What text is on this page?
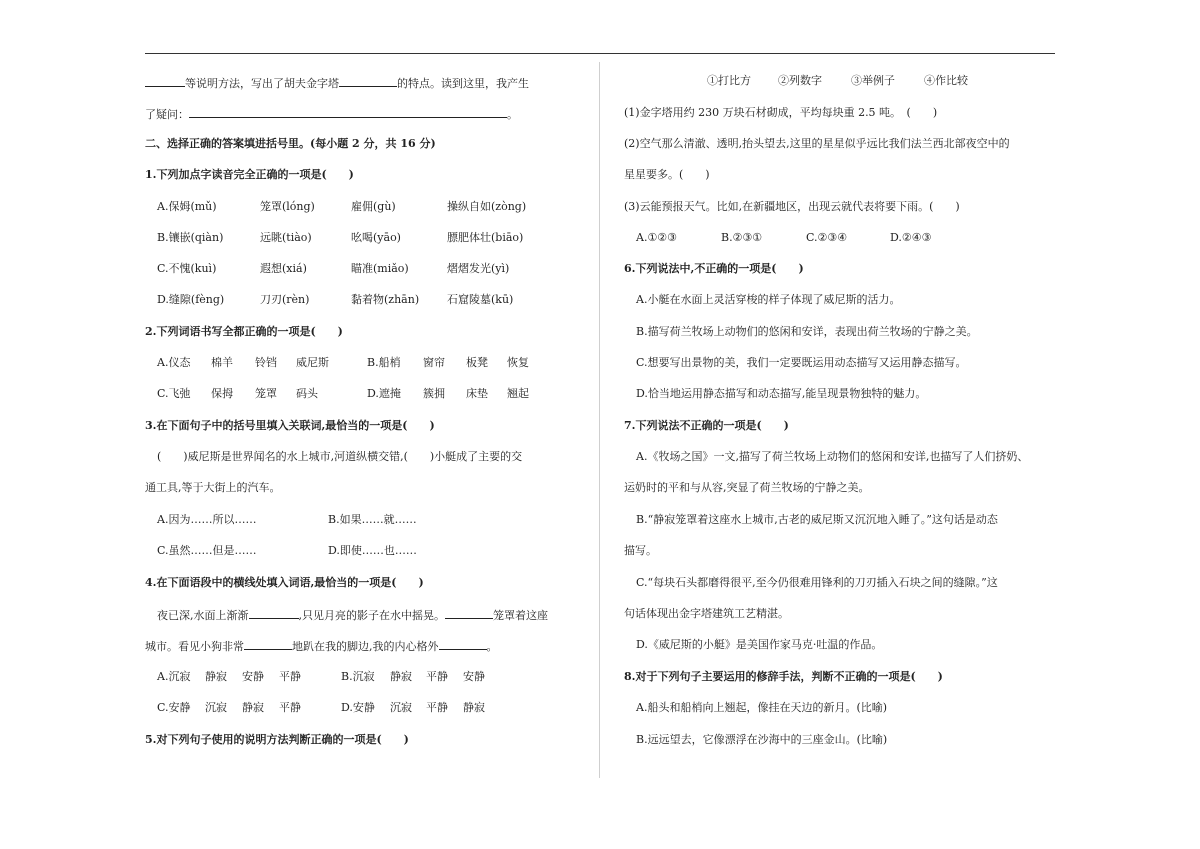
等说明方法，写出了胡夫金字塔	的特点。读到这里，我产生
了疑问：	。
二、选择正确的答案填进括号里。(每小题 2 分，共 16 分)
1.下列加点字读音完全正确的一项是(　　)
A.保姆(mǔ)	笼罩(lóng)	雇佣(gù)	操纵自如(zòng)
B.镶嵌(qiàn)	远眺(tiào)	吆喝(yāo)	膘肥体壮(biāo)
C.不愧(kuì)	遐想(xiá)	瞄准(miǎo)	熠熠发光(yì)
D.缝隙(fèng)	刀刃(rèn)	黏着物(zhān)	石窟陵墓(kū)
2.下列词语书写全都正确的一项是(　　)
A.仪态 棉羊 铃铛 威尼斯	B.船梢 窗帘 板凳 恢复
C.飞弛 保拇 笼罩 码头	D.遮掩 簇拥 床垫 翘起
3.在下面句子中的括号里填入关联词,最恰当的一项是(　　)
(　　)威尼斯是世界闻名的水上城市,河道纵横交错,(　　)小艇成了主要的交
通工具,等于大街上的汽车。
A.因为……所以……	B.如果……就……
C.虽然……但是……	D.即使……也……
4.在下面语段中的横线处填入词语,最恰当的一项是(　　)
夜已深,水面上渐渐	,只见月亮的影子在水中摇晃。	笼罩着这座
城市。看见小狗非常	地趴在我的脚边,我的内心格外	。
A.沉寂 静寂 安静 平静	B.沉寂 静寂 平静 安静
C.安静 沉寂 静寂 平静	D.安静 沉寂 平静 静寂
5.对下列句子使用的说明方法判断正确的一项是(　　)
①打比方 ②列数字	③举例子	④作比较
(1)金字塔用约 230 万块石材砌成，平均每块重 2.5 吨。　(　　)
(2)空气那么清澈、透明,抬头望去,这里的星星似乎远比我们法兰西北部夜空中的
星星要多。(　　)
(3)云能预报天气。比如,在新疆地区，出现云就代表将要下雨。(　　)
A.①②③	B.②③①	C.②③④	D.②④③
6.下列说法中,不正确的一项是(　　)
A.小艇在水面上灵活穿梭的样子体现了威尼斯的活力。
B.描写荷兰牧场上动物们的悠闲和安详，表现出荷兰牧场的宁静之美。
C.想要写出景物的美，我们一定要既运用动态描写又运用静态描写。
D.恰当地运用静态描写和动态描写,能呈现景物独特的魅力。
7.下列说法不正确的一项是(　　)
A.《牧场之国》一文,描写了荷兰牧场上动物们的悠闲和安详,也描写了人们挤奶、
运奶时的平和与从容,突显了荷兰牧场的宁静之美。
B.“静寂笼罩着这座水上城市,古老的威尼斯又沉沉地入睡了。”这句话是动态
描写。
C.“每块石头都磨得很平,至今仍很难用锋利的刀刃插入石块之间的缝隙。”这
句话体现出金字塔建筑工艺精湛。
D.《威尼斯的小艇》是美国作家马克·吐温的作品。
8.对于下列句子主要运用的修辞手法，判断不正确的一项是(　　)
A.船头和船梢向上翘起，像挂在天边的新月。(比喻)
B.远远望去，它像漂浮在沙海中的三座金山。(比喻)
